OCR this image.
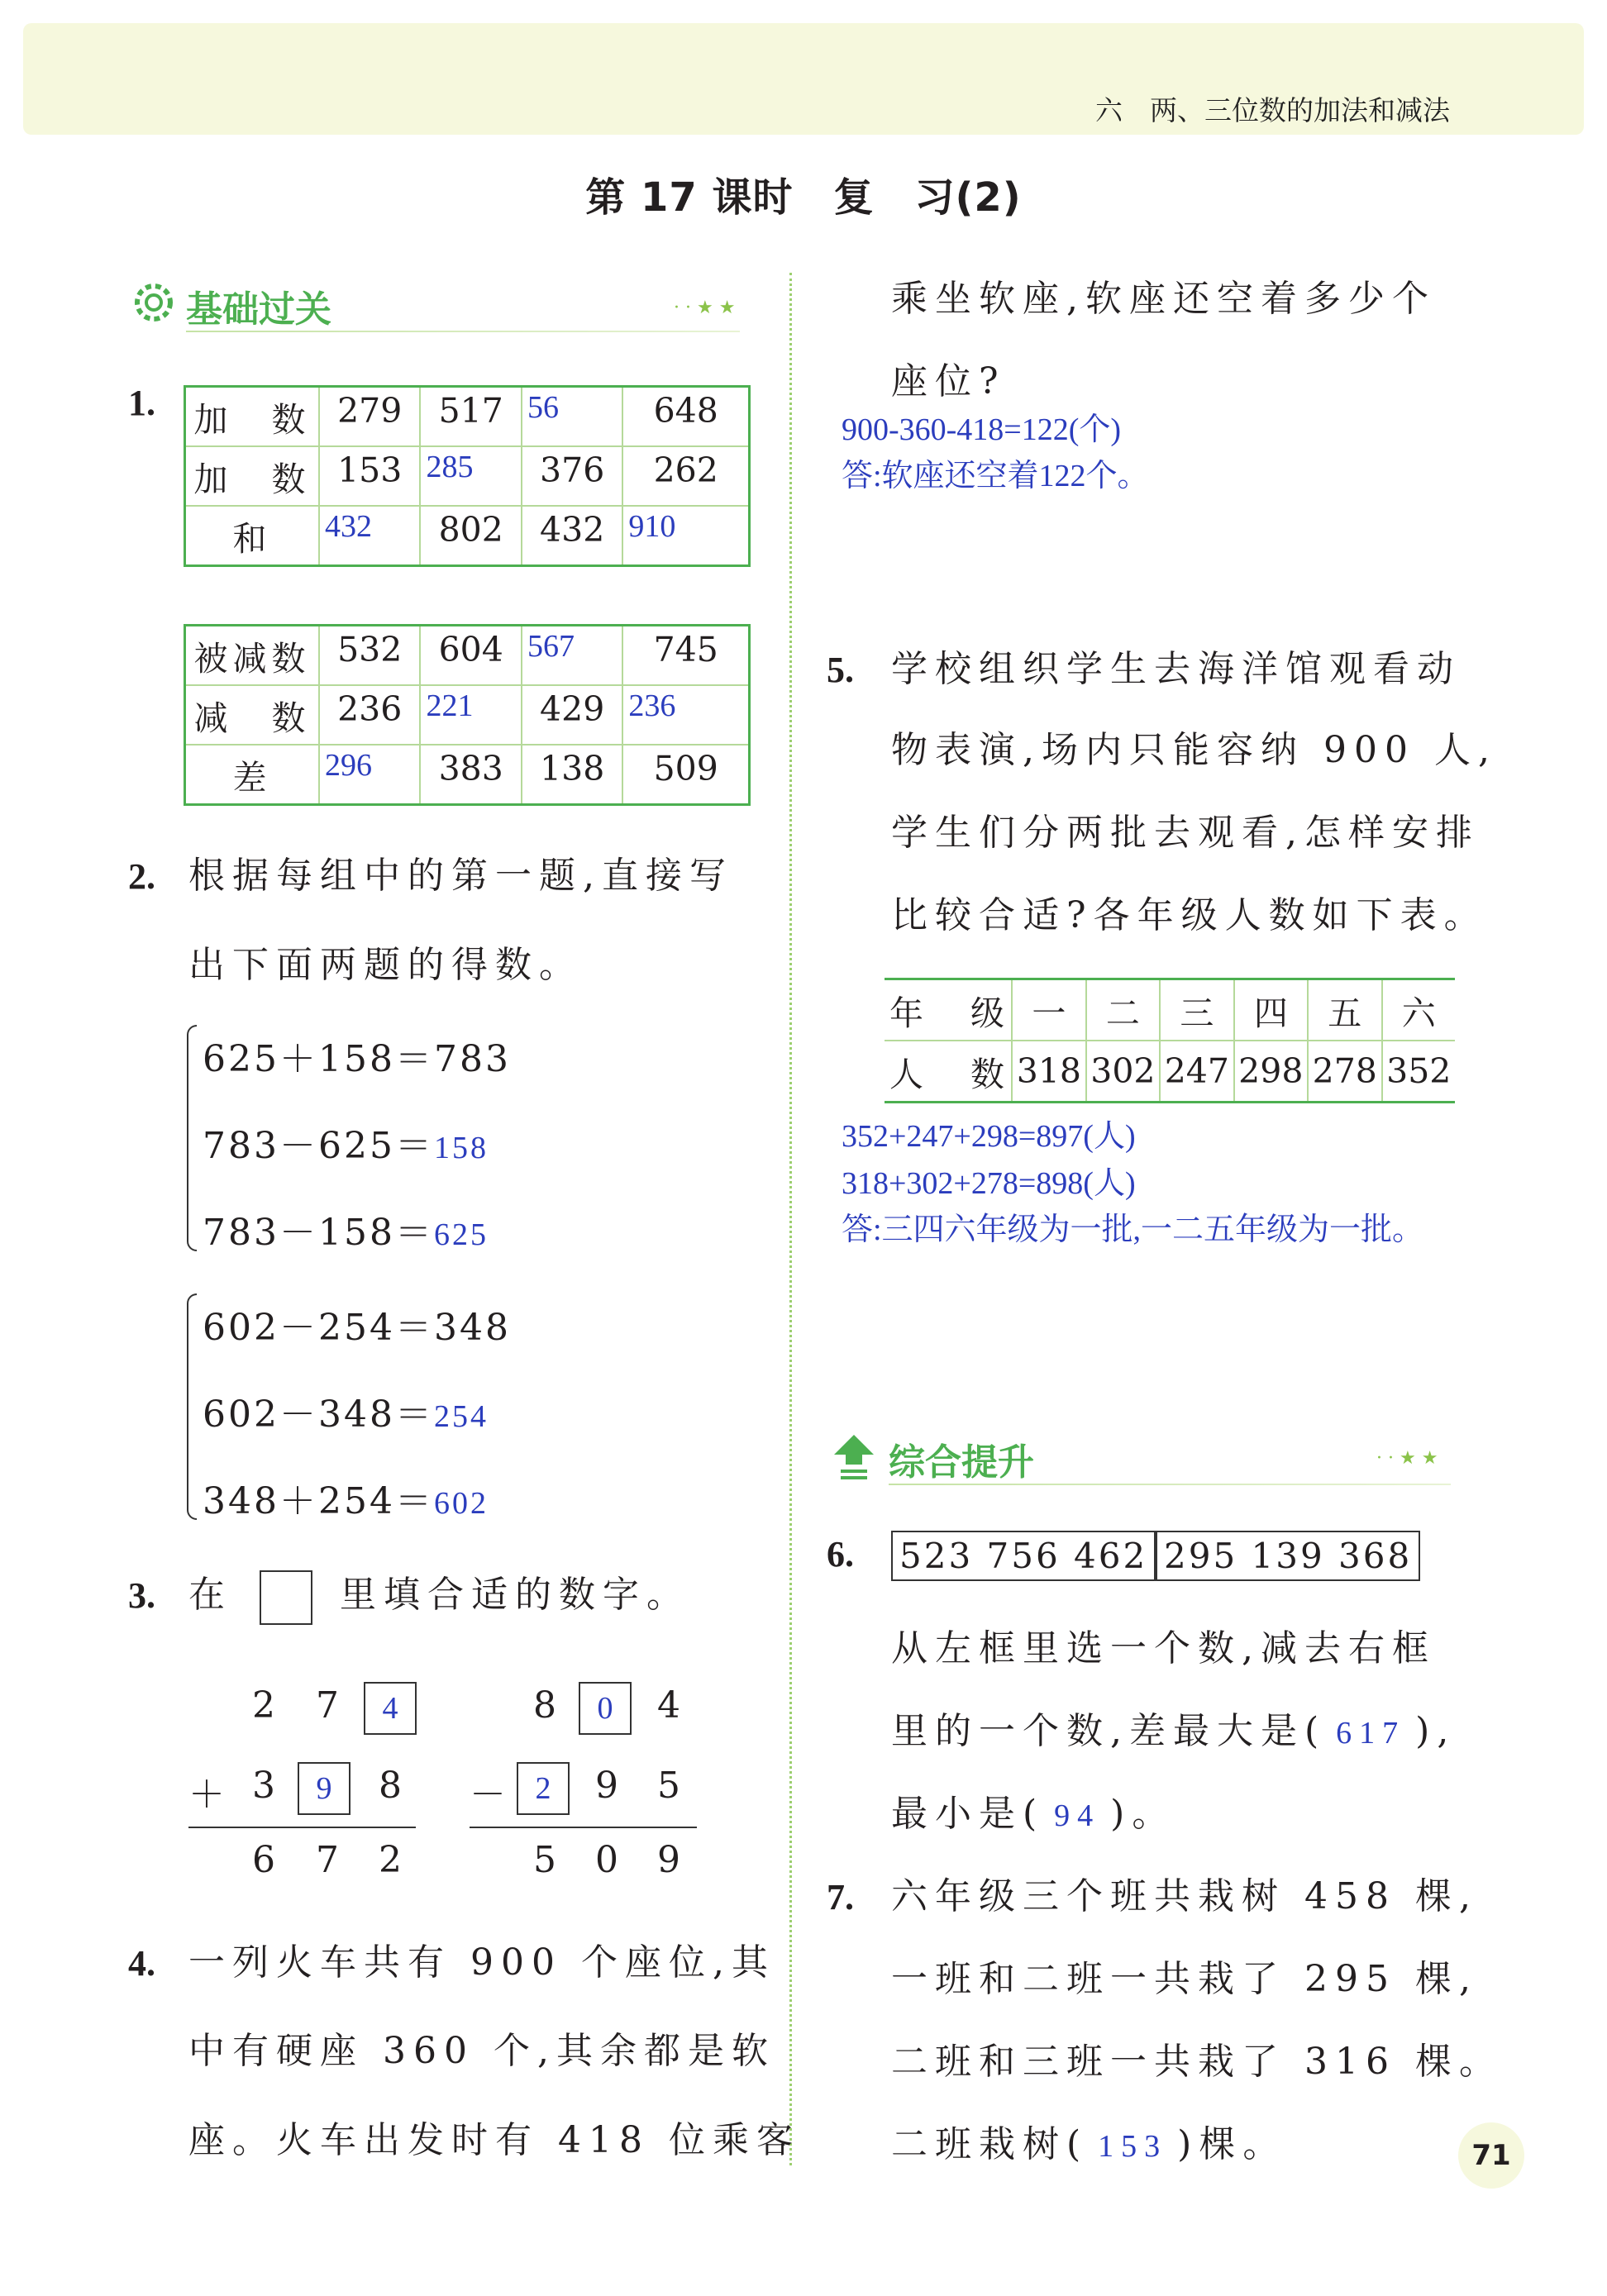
六　两、三位数的加法和减法
第 17 课时　复　习(2)
基础过关	· · ★ ★
1. 加　数	279	517	56	648

加　数	153	285	376	262

和	432	802	432	910
被减数	532	604	567	745

减　数	236	221	429	236

差	296	383	138	509
2. 根据每组中的第一题,直接写
出下面两题的得数。
625＋158＝783
783－625＝158
783－158＝625
602－254＝348
602－348＝254
348＋254＝602
3. 在	里填合适的数字。
2 7	4
＋ 3	9	8
6 7 2
8	0	4
－ 2	9 5
5 0 9
4. 一列火车共有 900 个座位,其
中有硬座 360 个,其余都是软
座。火车出发时有 418 位乘客
乘坐软座,软座还空着多少个
座位?
900-360-418=122(个)
答:软座还空着122个。
5. 学校组织学生去海洋馆观看动
物表演,场内只能容纳 900 人,
学生们分两批去观看,怎样安排
比较合适?各年级人数如下表。
年　级	一	二	三	四	五	六
人　数	318	302	247	298	278	352
352+247+298=897(人)
318+302+278=898(人)
答:三四六年级为一批,一二五年级为一批。
综合提升	· · ★ ★
6. 523 756 462 295 139 368
从左框里选一个数,减去右框
里的一个数,差最大是( 617 ),
最小是( 94 )。
7. 六年级三个班共栽树 458 棵,
一班和二班一共栽了 295 棵,
二班和三班一共栽了 316 棵。
二班栽树( 153 )棵。	71
